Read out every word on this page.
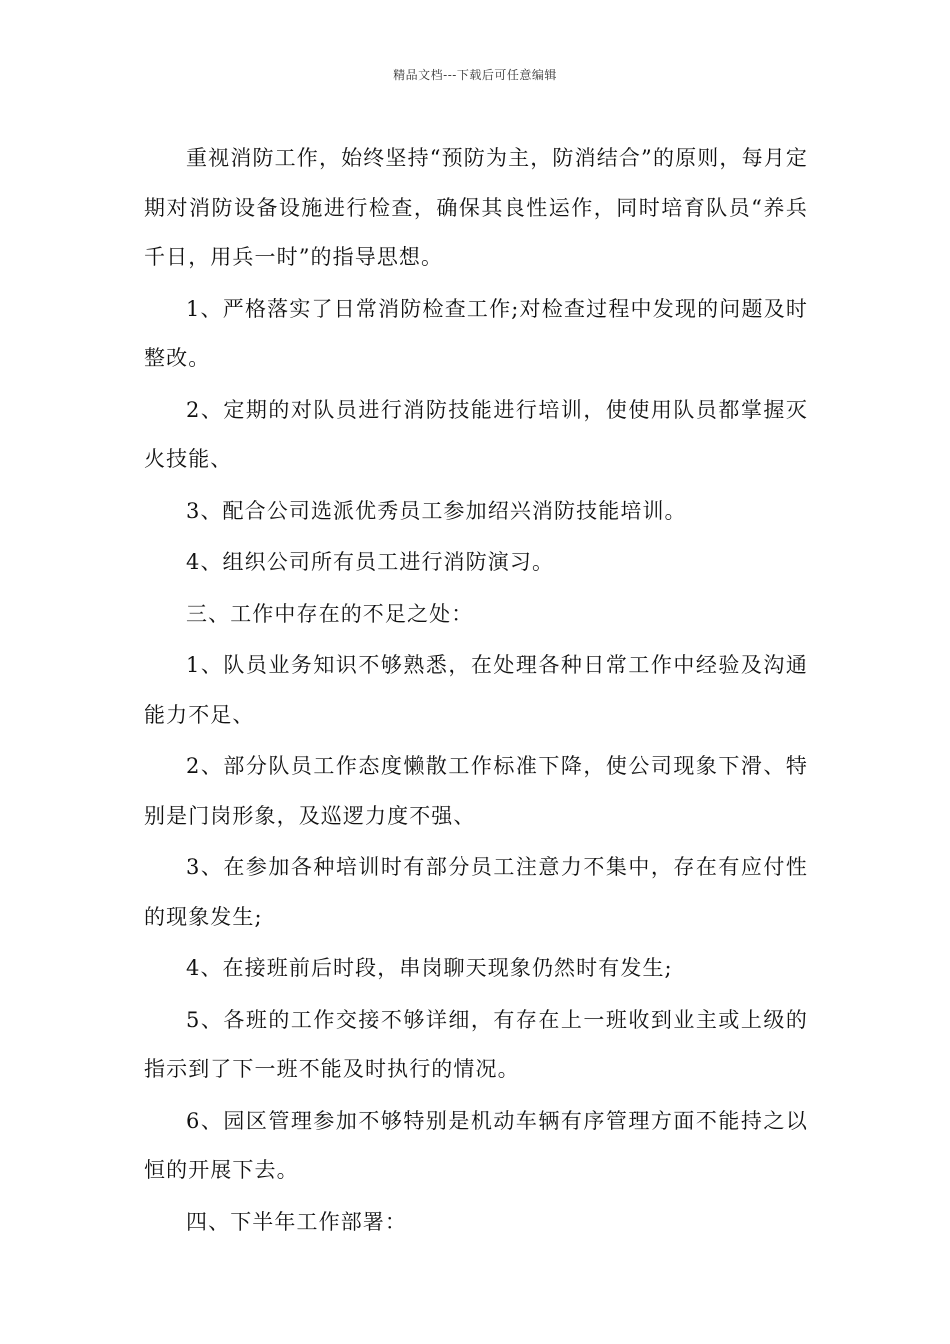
精品文档---下载后可任意编辑

重视消防工作，始终坚持“预防为主，防消结合”的原则，每月定期对消防设备设施进行检查，确保其良性运作，同时培育队员“养兵千日，用兵一时”的指导思想。

1、严格落实了日常消防检查工作;对检查过程中发现的问题及时整改。

2、定期的对队员进行消防技能进行培训，使使用队员都掌握灭火技能、

3、配合公司选派优秀员工参加绍兴消防技能培训。

4、组织公司所有员工进行消防演习。

三、工作中存在的不足之处：

1、队员业务知识不够熟悉，在处理各种日常工作中经验及沟通能力不足、

2、部分队员工作态度懒散工作标准下降，使公司现象下滑、特别是门岗形象，及巡逻力度不强、

3、在参加各种培训时有部分员工注意力不集中，存在有应付性的现象发生;

4、在接班前后时段，串岗聊天现象仍然时有发生;

5、各班的工作交接不够详细，有存在上一班收到业主或上级的指示到了下一班不能及时执行的情况。

6、园区管理参加不够特别是机动车辆有序管理方面不能持之以恒的开展下去。

四、下半年工作部署：
